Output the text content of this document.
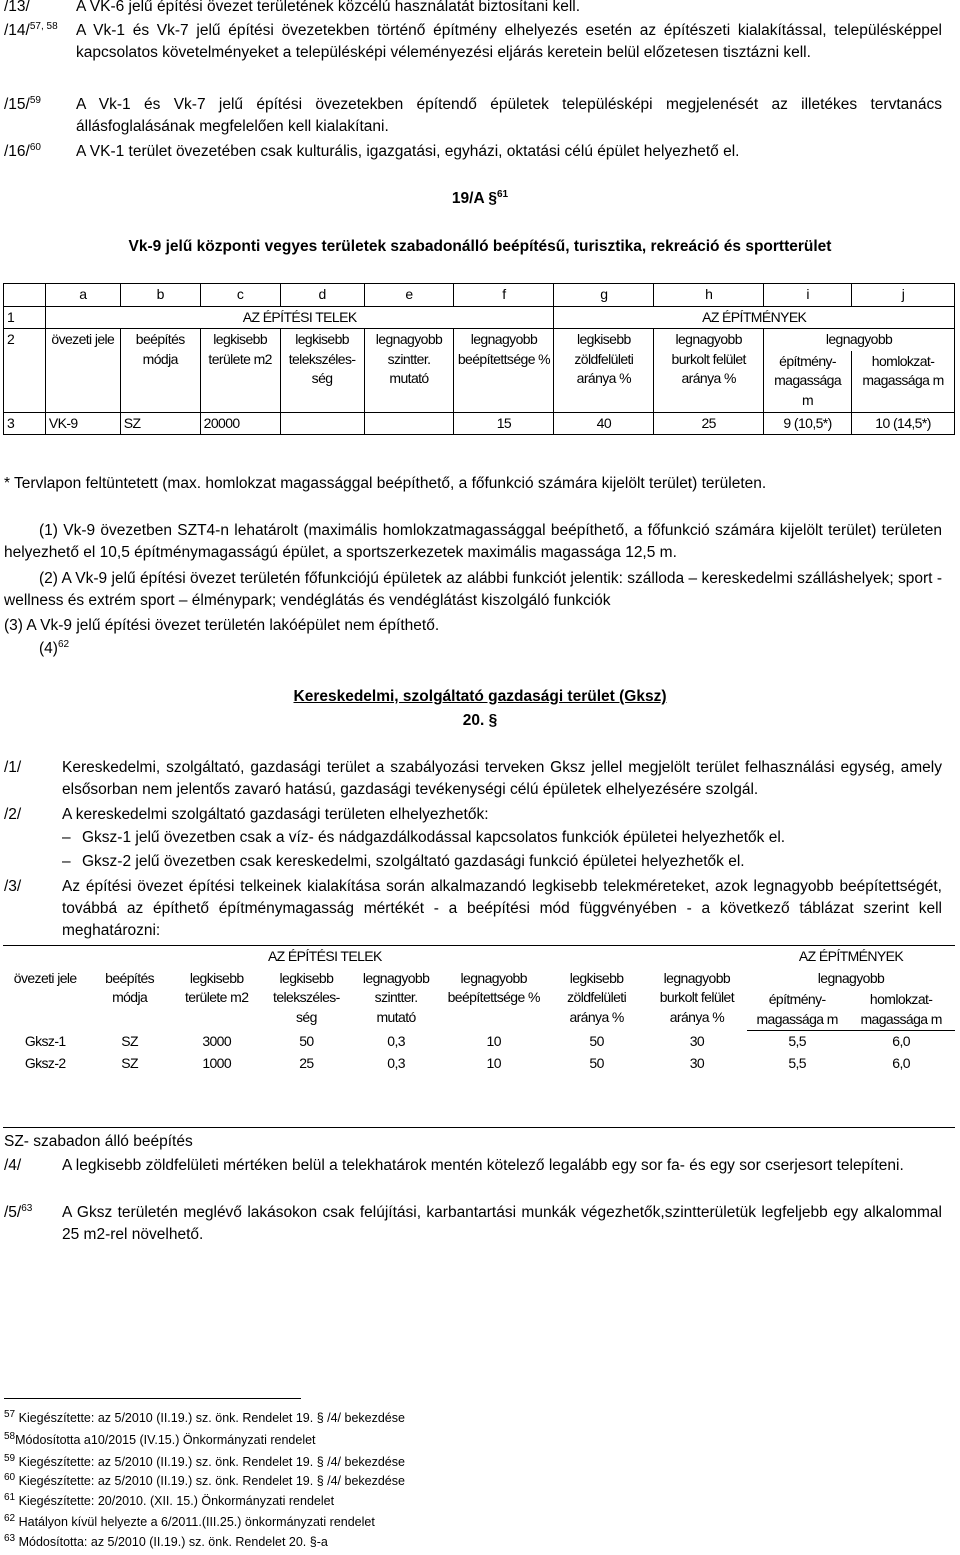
/13/	A VK-6 jelű építési övezet területének közcélú használatát biztosítani kell.
/14/$^{57, 58}$ A Vk-1 és Vk-7 jelű építési övezetekben történő építmény elhelyezés esetén az építészeti kialakítással, településképpel kapcsolatos követelményeket a településképi véleményezési eljárás keretein belül előzetesen tisztázni kell.
/15/$^{59}$ A Vk-1 és Vk-7 jelű építési övezetekben építendő épületek településképi megjelenését az illetékes tervtanács állásfoglalásának megfelelően kell kialakítani.
/16/$^{60}$ A VK-1 terület övezetében csak kulturális, igazgatási, egyházi, oktatási célú épület helyezhető el.
19/A §$^{61}$
Vk-9 jelű központi vegyes területek szabadonálló beépítésű, turisztika, rekreáció és sportterület
	a	b	c	d	e	f	g	h	i	j
1	AZ ÉPÍTÉSI TELEK						AZ ÉPÍTMÉNYEK			
2	övezeti jele	beépítés módja	legkisebb területe m2	legkisebb telekszéles-ség	legnagyobb szintter. mutató	legnagyobb beépítettsége %	legkisebb zöldfelületi aránya %	legnagyobb burkolt felület aránya %	legnagyobb	
									építmény-magassága m	homlokzat-magassága m
3	VK-9	SZ	20000			15	40	25	9 (10,5*)	10 (14,5*)
* Tervlapon feltüntetett (max. homlokzat magassággal beépíthető, a főfunkció számára kijelölt terület) területen.
(1) Vk-9 övezetben SZT4-n lehatárolt (maximális homlokzatmagassággal beépíthető, a főfunkció számára kijelölt terület) területen helyezhető el 10,5 építménymagasságú épület, a sportszerkezetek maximális magassága 12,5 m.
(2) A Vk-9 jelű építési övezet területén főfunkciójú épületek az alábbi funkciót jelentik: szálloda – kereskedelmi szálláshelyek; sport - wellness és extrém sport – élménypark; vendéglátás és vendéglátást kiszolgáló funkciók
(3) A Vk-9 jelű építési övezet területén lakóépület nem építhető.
$(4)^{62}$
Kereskedelmi, szolgáltató gazdasági terület (Gksz)
20. §
/1/	Kereskedelmi, szolgáltató, gazdasági terület a szabályozási terveken Gksz jellel megjelölt terület felhasználási egység, amely elsősorban nem jelentős zavaró hatású, gazdasági tevékenységi célú épületek elhelyezésére szolgál.
/2/	A kereskedelmi szolgáltató gazdasági területen elhelyezhetők:
– Gksz-1 jelű övezetben csak a víz- és nádgazdálkodással kapcsolatos funkciók épületei helyezhetők el.
– Gksz-2 jelű övezetben csak kereskedelmi, szolgáltató gazdasági funkció épületei helyezhetők el.
/3/	Az építési övezet építési telkeinek kialakítása során alkalmazandó legkisebb telekméreteket, azok legnagyobb beépítettségét, továbbá az építhető építménymagasság mértékét - a beépítési mód függvényében - a következő táblázat szerint kell meghatározni:
AZ ÉPÍTÉSI TELEK								AZ ÉPÍTMÉNYEK	
övezeti jele	beépítés módja	legkisebb területe m2	legkisebb telekszéles-ség	legnagyobb szintter. mutató	legnagyobb beépítettsége %	legkisebb zöldfelületi aránya %	legnagyobb burkolt felület aránya %	legnagyobb	
								építmény-magassága m	homlokzat-magassága m
Gksz-1	SZ	3000	50	0,3	10	50	30	5,5	6,0
Gksz-2	SZ	1000	25	0,3	10	50	30	5,5	6,0
SZ- szabadon álló beépítés
/4/	A legkisebb zöldfelületi mértéken belül a telekhatárok mentén kötelező legalább egy sor fa- és egy sor cserjesort telepíteni.
/5/$^{63}$ A Gksz területén meglévő lakásokon csak felújítási, karbantartási munkák végezhetők,szintterületük legfeljebb egy alkalommal 25 m2-rel növelhető.
$^{57}$ Kiegészítette: az 5/2010 (II.19.) sz. önk. Rendelet 19. § /4/ bekezdése
$^{58}$Módosította a10/2015 (IV.15.) Önkormányzati rendelet
$^{59}$ Kiegészítette: az 5/2010 (II.19.) sz. önk. Rendelet 19. § /4/ bekezdése
$^{60}$ Kiegészítette: az 5/2010 (II.19.) sz. önk. Rendelet 19. § /4/ bekezdése
$^{61}$ Kiegészítette: 20/2010. (XII. 15.) Önkormányzati rendelet
$^{62}$ Hatályon kívül helyezte a 6/2011.(III.25.) önkormányzati rendelet
$^{63}$ Módosította: az 5/2010 (II.19.) sz. önk. Rendelet 20. §-a
